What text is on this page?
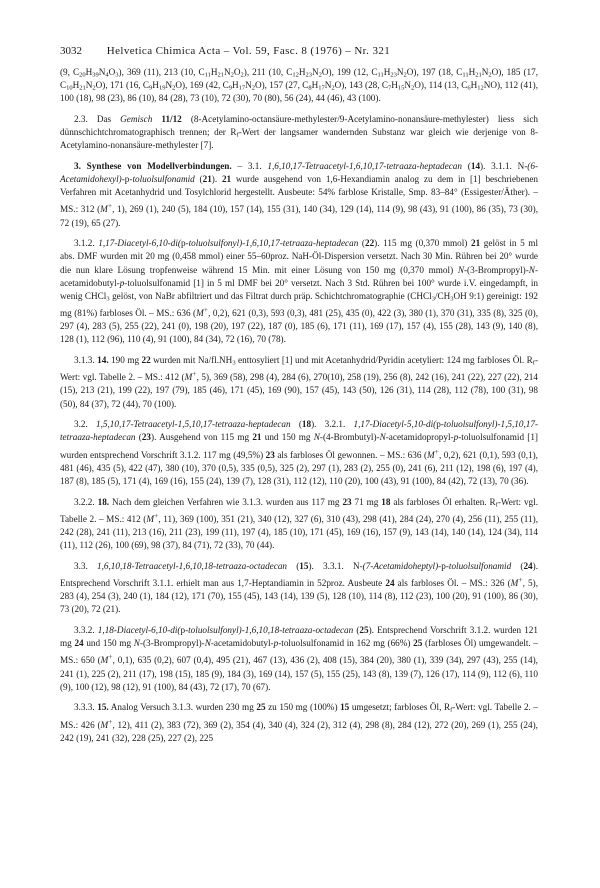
3032 Helvetica Chimica Acta – Vol. 59, Fasc. 8 (1976) – Nr. 321

(9, $C_{20}H_{39}N_4O_3$), 369 (11), 213 (10, $C_{11}H_{21}N_2O_2$), 211 (10, $C_{12}H_{23}N_2O$), 199 (12, $C_{11}H_{23}N_2O$), 197 (18, $C_{11}H_{21}N_2O$), 185 (17, $C_{10}H_{21}N_2O$), 171 (16, $C_9H_{19}N_2O$), 169 (42, $C_9H_{17}N_2O$), 157 (27, $C_8H_{17}N_2O$), 143 (28, $C_7H_{15}N_2O$), 114 (13, $C_6H_{12}NO$), 112 (41), 100 (18), 98 (23), 86 (10), 84 (28), 73 (10), 72 (30), 70 (80), 56 (24), 44 (46), 43 (100).

2.3. Das Gemisch 11/12 (8-Acetylamino-octansäure-methylester/9-Acetylamino-nonansäure-methylester) liess sich dünnschichtchromatographisch trennen; der $R_f$-Wert der langsamer wandernden Substanz war gleich wie derjenige von 8-Acetylamino-nonansäure-methylester [7].

3. Synthese von Modellverbindungen. – 3.1. 1,6,10,17-Tetraacetyl-1,6,10,17-tetraaza-heptadecan (14). 3.1.1. N-(6-Acetamidohexyl)-p-toluolsulfonamid (21). 21 wurde ausgehend von 1,6-Hexandiamin analog zu dem in [1] beschriebenen Verfahren mit Acetanhydrid und Tosylchlorid hergestellt. Ausbeute: 54% farblose Kristalle, Smp. 83–84° (Essigester/Äther). – MS.: 312 (M+, 1), 269 (1), 240 (5), 184 (10), 157 (14), 155 (31), 140 (34), 129 (14), 114 (9), 98 (43), 91 (100), 86 (35), 73 (30), 72 (19), 65 (27).

3.1.2. 1,17-Diacetyl-6,10-di(p-toluolsulfonyl)-1,6,10,17-tetraaza-heptadecan (22). 115 mg (0,370 mmol) 21 gelöst in 5 ml abs. DMF wurden mit 20 mg (0,458 mmol) einer 55–60proz. NaH-Öl-Dispersion versetzt. Nach 30 Min. Rühren bei 20° wurde die nun klare Lösung tropfenweise während 15 Min. mit einer Lösung von 150 mg (0,370 mmol) N-(3-Brompropyl)-N-acetamidobutyl-p-toluolsulfonamid [1] in 5 ml DMF bei 20° versetzt. Nach 3 Std. Rühren bei 100° wurde i.V. eingedampft, in wenig CHCl$_3$ gelöst, von NaBr abfiltriert und das Filtrat durch präp. Schichtchromatographie ($CHCl_3/CH_3OH$ 9:1) gereinigt: 192 mg (81%) farbloses Öl. – MS.: 636 (M+, 0,2), 621 (0,3), 593 (0,3), 481 (25), 435 (0), 422 (3), 380 (1), 370 (31), 335 (8), 325 (0), 297 (4), 283 (5), 255 (22), 241 (0), 198 (20), 197 (22), 187 (0), 185 (6), 171 (11), 169 (17), 157 (4), 155 (28), 143 (9), 140 (8), 128 (1), 112 (96), 110 (4), 91 (100), 84 (34), 72 (16), 70 (78).

3.1.3. 14. 190 mg 22 wurden mit $Na/fl.NH_3$ enttosyliert [1] und mit Acetanhydrid/Pyridin acetyliert: 124 mg farbloses Öl. $R_f$-Wert: vgl. Tabelle 2. – MS.: 412 (M+, 5), 369 (58), 298 (4), 284 (6), 270(10), 258 (19), 256 (8), 242 (16), 241 (22), 227 (22), 214 (15), 213 (21), 199 (22), 197 (79), 185 (46), 171 (45), 169 (90), 157 (45), 143 (50), 126 (31), 114 (28), 112 (78), 100 (31), 98 (50), 84 (37), 72 (44), 70 (100).

3.2. 1,5,10,17-Tetraacetyl-1,5,10,17-tetraaza-heptadecan (18). 3.2.1. 1,17-Diacetyl-5,10-di(p-toluolsulfonyl)-1,5,10,17-tetraaza-heptadecan (23). Ausgehend von 115 mg 21 und 150 mg N-(4-Brombutyl)-N-acetamidopropyl-p-toluolsulfonamid [1] wurden entsprechend Vorschrift 3.1.2. 117 mg (49,5%) 23 als farbloses Öl gewonnen. – MS.: 636 (M+, 0,2), 621 (0,1), 593 (0,1), 481 (46), 435 (5), 422 (47), 380 (10), 370 (0,5), 335 (0,5), 325 (2), 297 (1), 283 (2), 255 (0), 241 (6), 211 (12), 198 (6), 197 (4), 187 (8), 185 (5), 171 (4), 169 (16), 155 (24), 139 (7), 128 (31), 112 (12), 110 (20), 100 (43), 91 (100), 84 (42), 72 (13), 70 (36).

3.2.2. 18. Nach dem gleichen Verfahren wie 3.1.3. wurden aus 117 mg 23 71 mg 18 als farbloses Öl erhalten. $R_f$-Wert: vgl. Tabelle 2. – MS.: 412 (M+, 11), 369 (100), 351 (21), 340 (12), 327 (6), 310 (43), 298 (41), 284 (24), 270 (4), 256 (11), 255 (11), 242 (28), 241 (11), 213 (16), 211 (23), 199 (11), 197 (4), 185 (10), 171 (45), 169 (16), 157 (9), 143 (14), 140 (14), 124 (34), 114 (11), 112 (26), 100 (69), 98 (37), 84 (71), 72 (33), 70 (44).

3.3. 1,6,10,18-Tetraacetyl-1,6,10,18-tetraaza-octadecan (15). 3.3.1. N-(7-Acetamidoheptyl)-p-toluolsulfonamid (24). Entsprechend Vorschrift 3.1.1. erhielt man aus 1,7-Heptandiamin in 52proz. Ausbeute 24 als farbloses Öl. – MS.: 326 (M+, 5), 283 (4), 254 (3), 240 (1), 184 (12), 171 (70), 155 (45), 143 (14), 139 (5), 128 (10), 114 (8), 112 (23), 100 (20), 91 (100), 86 (30), 73 (20), 72 (21).

3.3.2. 1,18-Diacetyl-6,10-di(p-toluolsulfonyl)-1,6,10,18-tetraaza-octadecan (25). Entsprechend Vorschrift 3.1.2. wurden 121 mg 24 und 150 mg N-(3-Brompropyl)-N-acetamidobutyl-p-toluolsulfonamid in 162 mg (66%) 25 (farbloses Öl) umgewandelt. – MS.: 650 (M+, 0,1), 635 (0,2), 607 (0,4), 495 (21), 467 (13), 436 (2), 408 (15), 384 (20), 380 (1), 339 (34), 297 (43), 255 (14), 241 (1), 225 (2), 211 (17), 198 (15), 185 (9), 184 (3), 169 (14), 157 (5), 155 (25), 143 (8), 139 (7), 126 (17), 114 (9), 112 (6), 110 (9), 100 (12), 98 (12), 91 (100), 84 (43), 72 (17), 70 (67).

3.3.3. 15. Analog Versuch 3.1.3. wurden 230 mg 25 zu 150 mg (100%) 15 umgesetzt; farbloses Öl, $R_f$-Wert: vgl. Tabelle 2. – MS.: 426 (M+, 12), 411 (2), 383 (72), 369 (2), 354 (4), 340 (4), 324 (2), 312 (4), 298 (8), 284 (12), 272 (20), 269 (1), 255 (24), 242 (19), 241 (32), 228 (25), 227 (2), 225
